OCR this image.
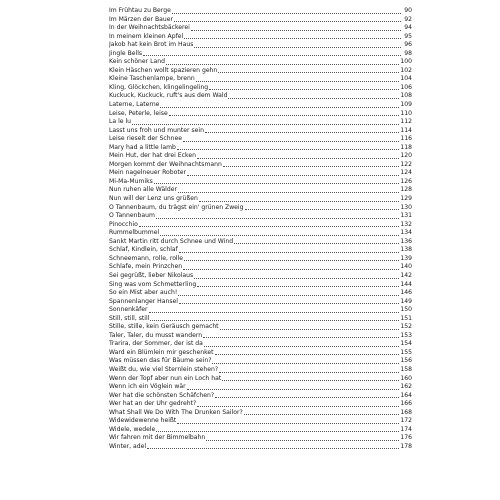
Im Frühtau zu Berge	90
Im Märzen der Bauer	92
In der Weihnachtsbäckerei	94
In meinem kleinen Apfel	95
Jakob hat kein Brot im Haus	96
Jingle Bells	98
Kein schöner Land	100
Klein Häschen wollt spazieren gehn	102
Kleine Taschenlampe, brenn	104
Kling, Glöckchen, klingelingeling	106
Kuckuck, Kuckuck, ruft's aus dem Wald	108
Laterne, Laterne	109
Leise, Peterle, leise	110
La le lu	112
Lasst uns froh und munter sein	114
Leise rieselt der Schnee	116
Mary had a little lamb	118
Mein Hut, der hat drei Ecken	120
Morgen kommt der Weihnachtsmann	122
Mein nagelneuer Roboter	124
Mi-Ma-Mumiks	126
Nun ruhen alle Wälder	128
Nun will der Lenz uns grüßen	129
O Tannenbaum, du trägst ein' grünen Zweig	130
O Tannenbaum	131
Pinocchio	132
Rummelbummel	134
Sankt Martin ritt durch Schnee und Wind	136
Schlaf, Kindlein, schlaf	138
Schneemann, rolle, rolle	139
Schlafe, mein Prinzchen	140
Sei gegrüßt, lieber Nikolaus	142
Sing was vom Schmetterling	144
So ein Mist aber auch!	146
Spannenlanger Hansel	149
Sonnenkäfer	150
Still, still, still	151
Stille, stille, kein Geräusch gemacht	152
Taler, Taler, du musst wandern	153
Trarira, der Sommer, der ist da	154
Ward ein Blümlein mir geschenket	155
Was müssen das für Bäume sein?	156
Weißt du, wie viel Sternlein stehen?	158
Wenn der Topf aber nun ein Loch hat	160
Wenn ich ein Vöglein wär	162
Wer hat die schönsten Schäfchen?	164
Wer hat an der Uhr gedreht?	166
What Shall We Do With The Drunken Sailor?	168
Widewidewenne heißt	172
Widele, wedele	174
Wir fahren mit der Bimmelbahn	176
Winter, adel	178
